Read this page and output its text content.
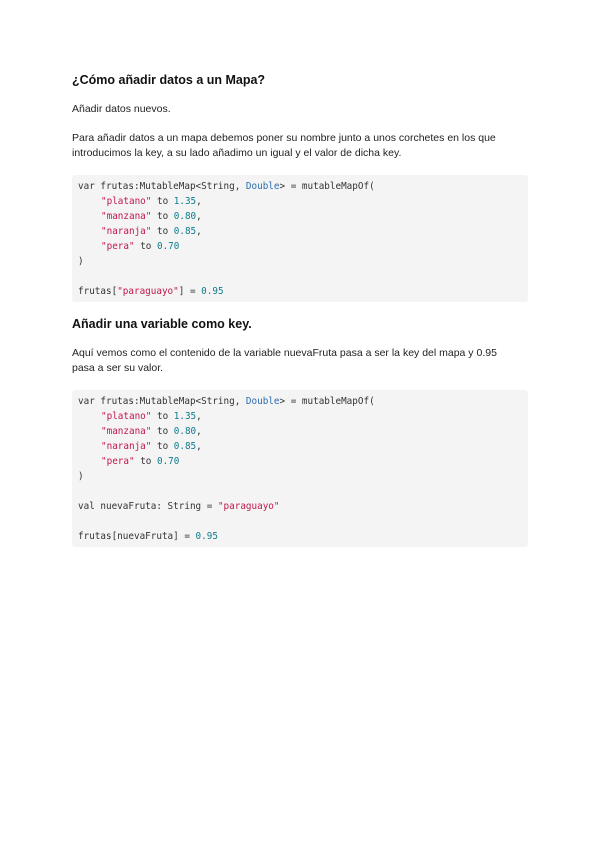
¿Cómo añadir datos a un Mapa?

Añadir datos nuevos.

Para añadir datos a un mapa debemos poner su nombre junto a unos corchetes en los que
introducimos la key, a su lado añadimo un igual y el valor de dicha key.

var frutas:MutableMap<String, Double> = mutableMapOf(
"platano" to 1.35,
"manzana" to 0.80,
"naranja" to 0.85,
"pera" to 0.70
)
frutas["paraguayo"] = 0.95
Añadir una variable como key.

Aquí vemos como el contenido de la variable nuevaFruta pasa a ser la key del mapa y 0.95
pasa a ser su valor.

var frutas:MutableMap<String, Double> = mutableMapOf(
"platano" to 1.35,
"manzana" to 0.80,
"naranja" to 0.85,
"pera" to 0.70
)
val nuevaFruta: String = "paraguayo"
frutas[nuevaFruta] = 0.95
